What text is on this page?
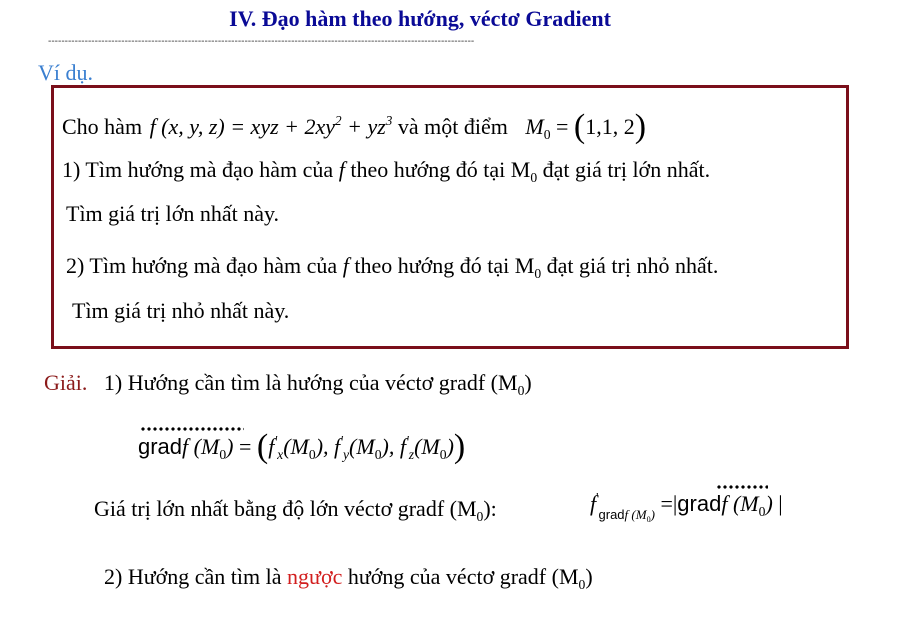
IV. Đạo hàm theo hướng, véctơ Gradient
--------------------------------------------------------------------------------------------------------------------------------
Ví dụ.
Cho hàm f (x, y, z) = xyz + $2xy^2 + yz^3$ và một điểm $M_0 = (1,1$, 2)
1) Tìm hướng mà đạo hàm của f theo hướng đó tại $M_0$ đạt giá trị lớn nhất.
Tìm giá trị lớn nhất này.
2) Tìm hướng mà đạo hàm của f theo hướng đó tại $M_0$ đạt giá trị nhỏ nhất.
Tìm giá trị nhỏ nhất này.
Giải. 1) Hướng cần tìm là hướng của véctơ gradf $(M_0)$
gradf $(M_0) = (f'_x(M_0)$, $f'_y(M_0)$, $f'_z(M_0)$)
Giá trị lớn nhất bằng độ lớn véctơ gradf $(M_0)$:	$f'_{gradf (M_0)}$ =|gradf $(M_0)$ |
2) Hướng cần tìm là ngược hướng của véctơ gradf $(M_0)$
